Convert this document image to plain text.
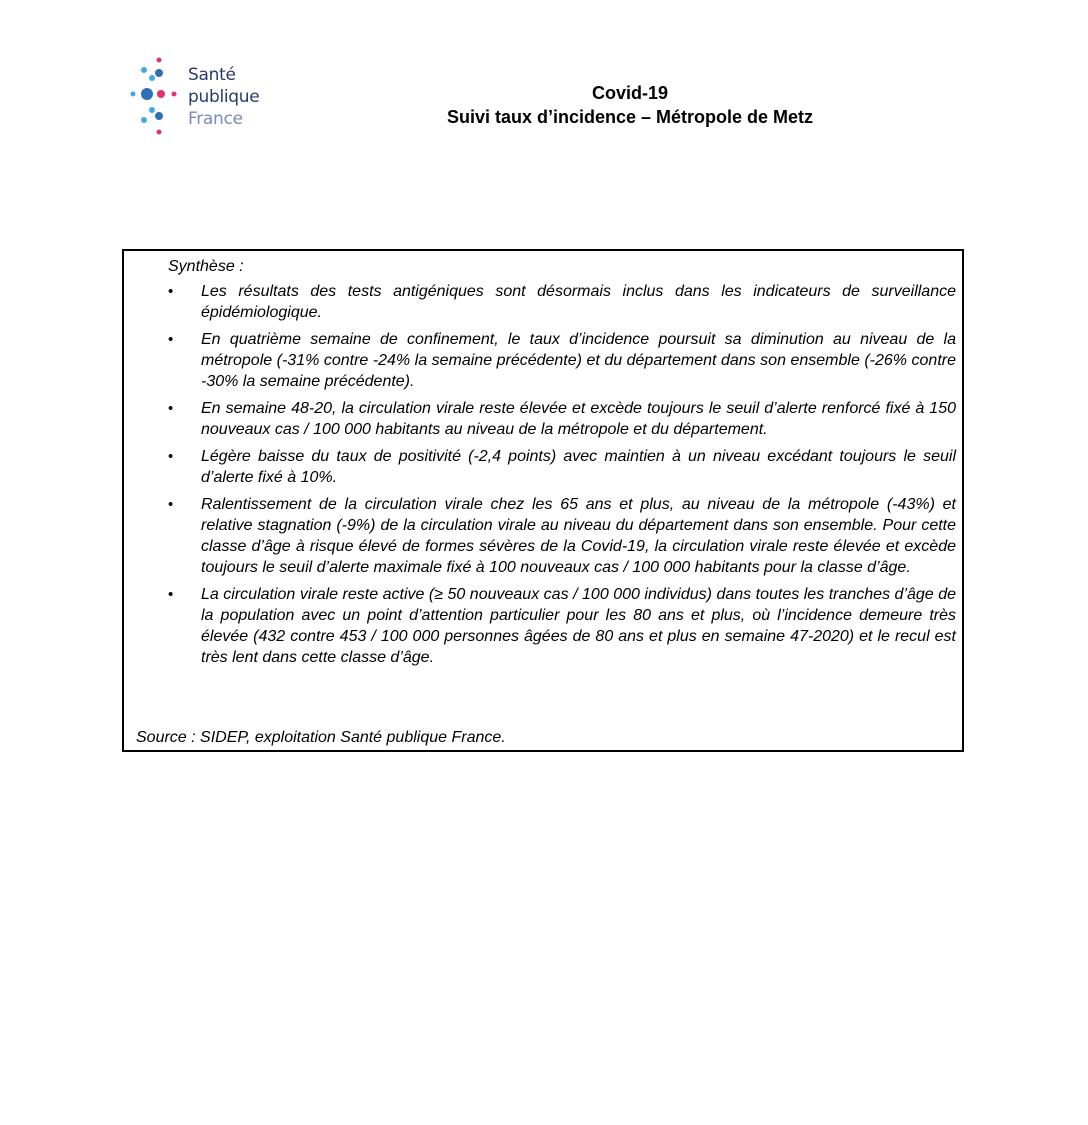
Santé
publique
France
Covid-19
Suivi taux d’incidence – Métropole de Metz
Synthèse :
• Les résultats des tests antigéniques sont désormais inclus dans les indicateurs de surveillance épidémiologique.
• En quatrième semaine de confinement, le taux d’incidence poursuit sa diminution au niveau de la métropole (-31% contre -24% la semaine précédente) et du département dans son ensemble (-26% contre -30% la semaine précédente).
• En semaine 48-20, la circulation virale reste élevée et excède toujours le seuil d’alerte renforcé fixé à 150 nouveaux cas / 100 000 habitants au niveau de la métropole et du département.
• Légère baisse du taux de positivité (-2,4 points) avec maintien à un niveau excédant toujours le seuil d’alerte fixé à 10%.
• Ralentissement de la circulation virale chez les 65 ans et plus, au niveau de la métropole (-43%) et relative stagnation (-9%) de la circulation virale au niveau du département dans son ensemble. Pour cette classe d’âge à risque élevé de formes sévères de la Covid-19, la circulation virale reste élevée et excède toujours le seuil d’alerte maximale fixé à 100 nouveaux cas / 100 000 habitants pour la classe d’âge.
• La circulation virale reste active (≥ 50 nouveaux cas / 100 000 individus) dans toutes les tranches d’âge de la population avec un point d’attention particulier pour les 80 ans et plus, où l’incidence demeure très élevée (432 contre 453 / 100 000 personnes âgées de 80 ans et plus en semaine 47-2020) et le recul est très lent dans cette classe d’âge.
Source : SIDEP, exploitation Santé publique France.
